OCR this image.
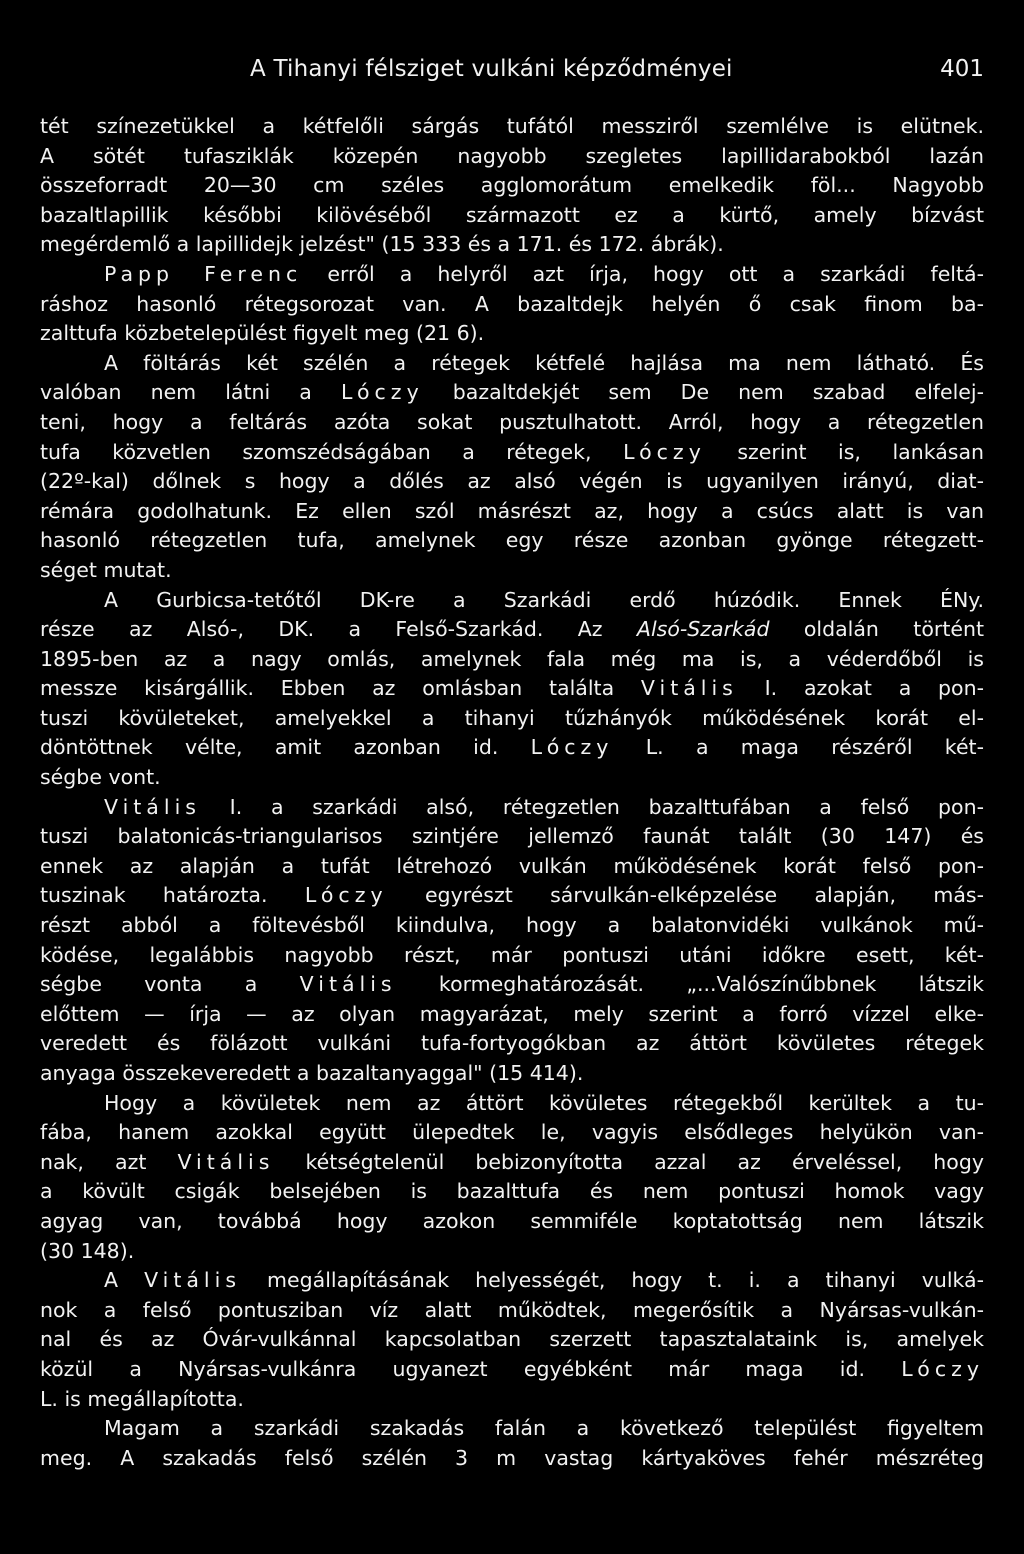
A Tihanyi félsziget vulkáni képződményei	401
tét színezetükkel a kétfelőli sárgás tufától messziről szemlélve is elütnek.
A sötét tufasziklák közepén nagyobb szegletes lapillidarabokból lazán
összeforradt 20—30 cm széles agglomorátum emelkedik föl... Nagyobb
bazaltlapillik későbbi kilövéséből származott ez a kürtő, amely bízvást
megérdemlő a lapillidejk jelzést" (15 333 és a 171. és 172. ábrák).
Papp Ferenc erről a helyről azt írja, hogy ott a szarkádi feltá-
ráshoz hasonló rétegsorozat van. A bazaltdejk helyén ő csak finom ba-
zalttufa közbetelepülést figyelt meg (21 6).
A föltárás két szélén a rétegek kétfelé hajlása ma nem látható. És
valóban nem látni a Lóczy bazaltdekjét sem De nem szabad elfelej-
teni, hogy a feltárás azóta sokat pusztulhatott. Arról, hogy a rétegzetlen
tufa közvetlen szomszédságában a rétegek, Lóczy szerint is, lankásan
(22º-kal) dőlnek s hogy a dőlés az alsó végén is ugyanilyen irányú, diat-
rémára godolhatunk. Ez ellen szól másrészt az, hogy a csúcs alatt is van
hasonló rétegzetlen tufa, amelynek egy része azonban gyönge rétegzett-
séget mutat.
A Gurbicsa-tetőtől DK-re a Szarkádi erdő húzódik. Ennek ÉNy.
része az Alsó-, DK. a Felső-Szarkád. Az Alsó-Szarkád oldalán történt
1895-ben az a nagy omlás, amelynek fala még ma is, a véderdőből is
messze kisárgállik. Ebben az omlásban találta Vitális I. azokat a pon-
tuszi kövületeket, amelyekkel a tihanyi tűzhányók működésének korát el-
döntöttnek vélte, amit azonban id. Lóczy L. a maga részéről két-
ségbe vont.
Vitális I. a szarkádi alsó, rétegzetlen bazalttufában a felső pon-
tuszi balatonicás-triangularisos szintjére jellemző faunát talált (30 147) és
ennek az alapján a tufát létrehozó vulkán működésének korát felső pon-
tuszinak határozta. Lóczy egyrészt sárvulkán-elképzelése alapján, más-
részt abból a föltevésből kiindulva, hogy a balatonvidéki vulkánok mű-
ködése, legalábbis nagyobb részt, már pontuszi utáni időkre esett, két-
ségbe vonta a Vitális kormeghatározását. „...Valószínűbbnek látszik
előttem — írja — az olyan magyarázat, mely szerint a forró vízzel elke-
veredett és fölázott vulkáni tufa-fortyogókban az áttört kövületes rétegek
anyaga összekeveredett a bazaltanyaggal" (15 414).
Hogy a kövületek nem az áttört kövületes rétegekből kerültek a tu-
fába, hanem azokkal együtt ülepedtek le, vagyis elsődleges helyükön van-
nak, azt Vitális kétségtelenül bebizonyította azzal az érveléssel, hogy
a kövült csigák belsejében is bazalttufa és nem pontuszi homok vagy
agyag van, továbbá hogy azokon semmiféle koptatottság nem látszik
(30 148).
A Vitális megállapításának helyességét, hogy t. i. a tihanyi vulká-
nok a felső pontusziban víz alatt működtek, megerősítik a Nyársas-vulkán-
nal és az Óvár-vulkánnal kapcsolatban szerzett tapasztalataink is, amelyek
közül a Nyársas-vulkánra ugyanezt egyébként már maga id. Lóczy
L. is megállapította.
Magam a szarkádi szakadás falán a következő települést figyeltem
meg. A szakadás felső szélén 3 m vastag kártyaköves fehér mészréteg
